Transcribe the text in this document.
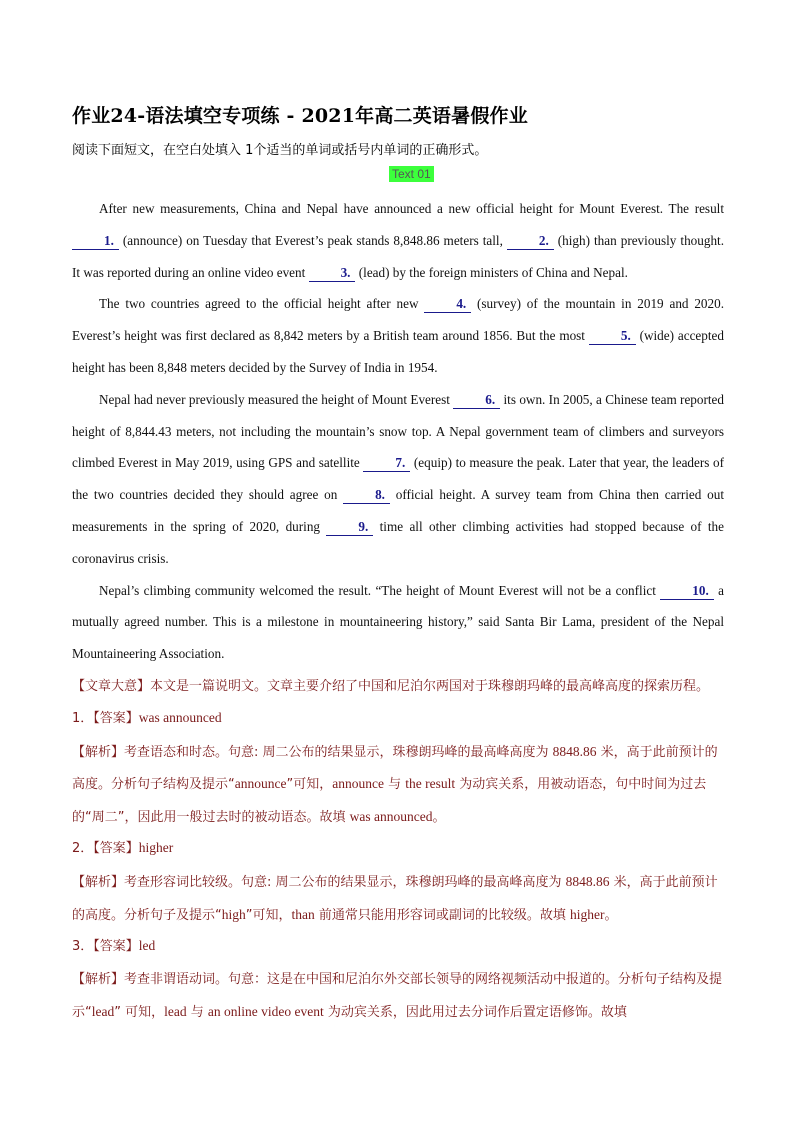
作业24-语法填空专项练 - 2021年高二英语暑假作业
阅读下面短文，在空白处填入 1个适当的单词或括号内单词的正确形式。
Text 01

After new measurements, China and Nepal have announced a new official height for Mount Everest. The result 1. (announce) on Tuesday that Everest’s peak stands 8,848.86 meters tall, 2. (high) than previously thought. It was reported during an online video event 3. (lead) by the foreign ministers of China and Nepal.

The two countries agreed to the official height after new 4. (survey) of the mountain in 2019 and 2020. Everest’s height was first declared as 8,842 meters by a British team around 1856. But the most 5. (wide) accepted height has been 8,848 meters decided by the Survey of India in 1954.

Nepal had never previously measured the height of Mount Everest 6. its own. In 2005, a Chinese team reported height of 8,844.43 meters, not including the mountain’s snow top. A Nepal government team of climbers and surveyors climbed Everest in May 2019, using GPS and satellite 7. (equip) to measure the peak. Later that year, the leaders of the two countries decided they should agree on 8. official height. A survey team from China then carried out measurements in the spring of 2020, during 9. time all other climbing activities had stopped because of the coronavirus crisis.

Nepal’s climbing community welcomed the result. “The height of Mount Everest will not be a conflict 10. a mutually agreed number. This is a milestone in mountaineering history,” said Santa Bir Lama, president of the Nepal Mountaineering Association.

【文章大意】本文是一篇说明文。文章主要介绍了中国和尼泊尔两国对于珠穆朗玛峰的最高峰高度的探索历程。

1．【答案】was announced

【解析】考查语态和时态。句意: 周二公布的结果显示，珠穆朗玛峰的最高峰高度为 8848.86 米，高于此前预计的高度。分析句子结构及提示“announce”可知，announce 与 the result 为动宾关系，用被动语态，句中时间为过去的“周二”，因此用一般过去时的被动语态。故填 was announced。

2．【答案】higher

【解析】考查形容词比较级。句意: 周二公布的结果显示，珠穆朗玛峰的最高峰高度为 8848.86 米，高于此前预计的高度。分析句子及提示“high”可知，than 前通常只能用形容词或副词的比较级。故填 higher。

3．【答案】led

【解析】考查非谓语动词。句意：这是在中国和尼泊尔外交部长领导的网络视频活动中报道的。分析句子结构及提示“lead” 可知，lead 与 an online video event 为动宾关系，因此用过去分词作后置定语修饰。故填
